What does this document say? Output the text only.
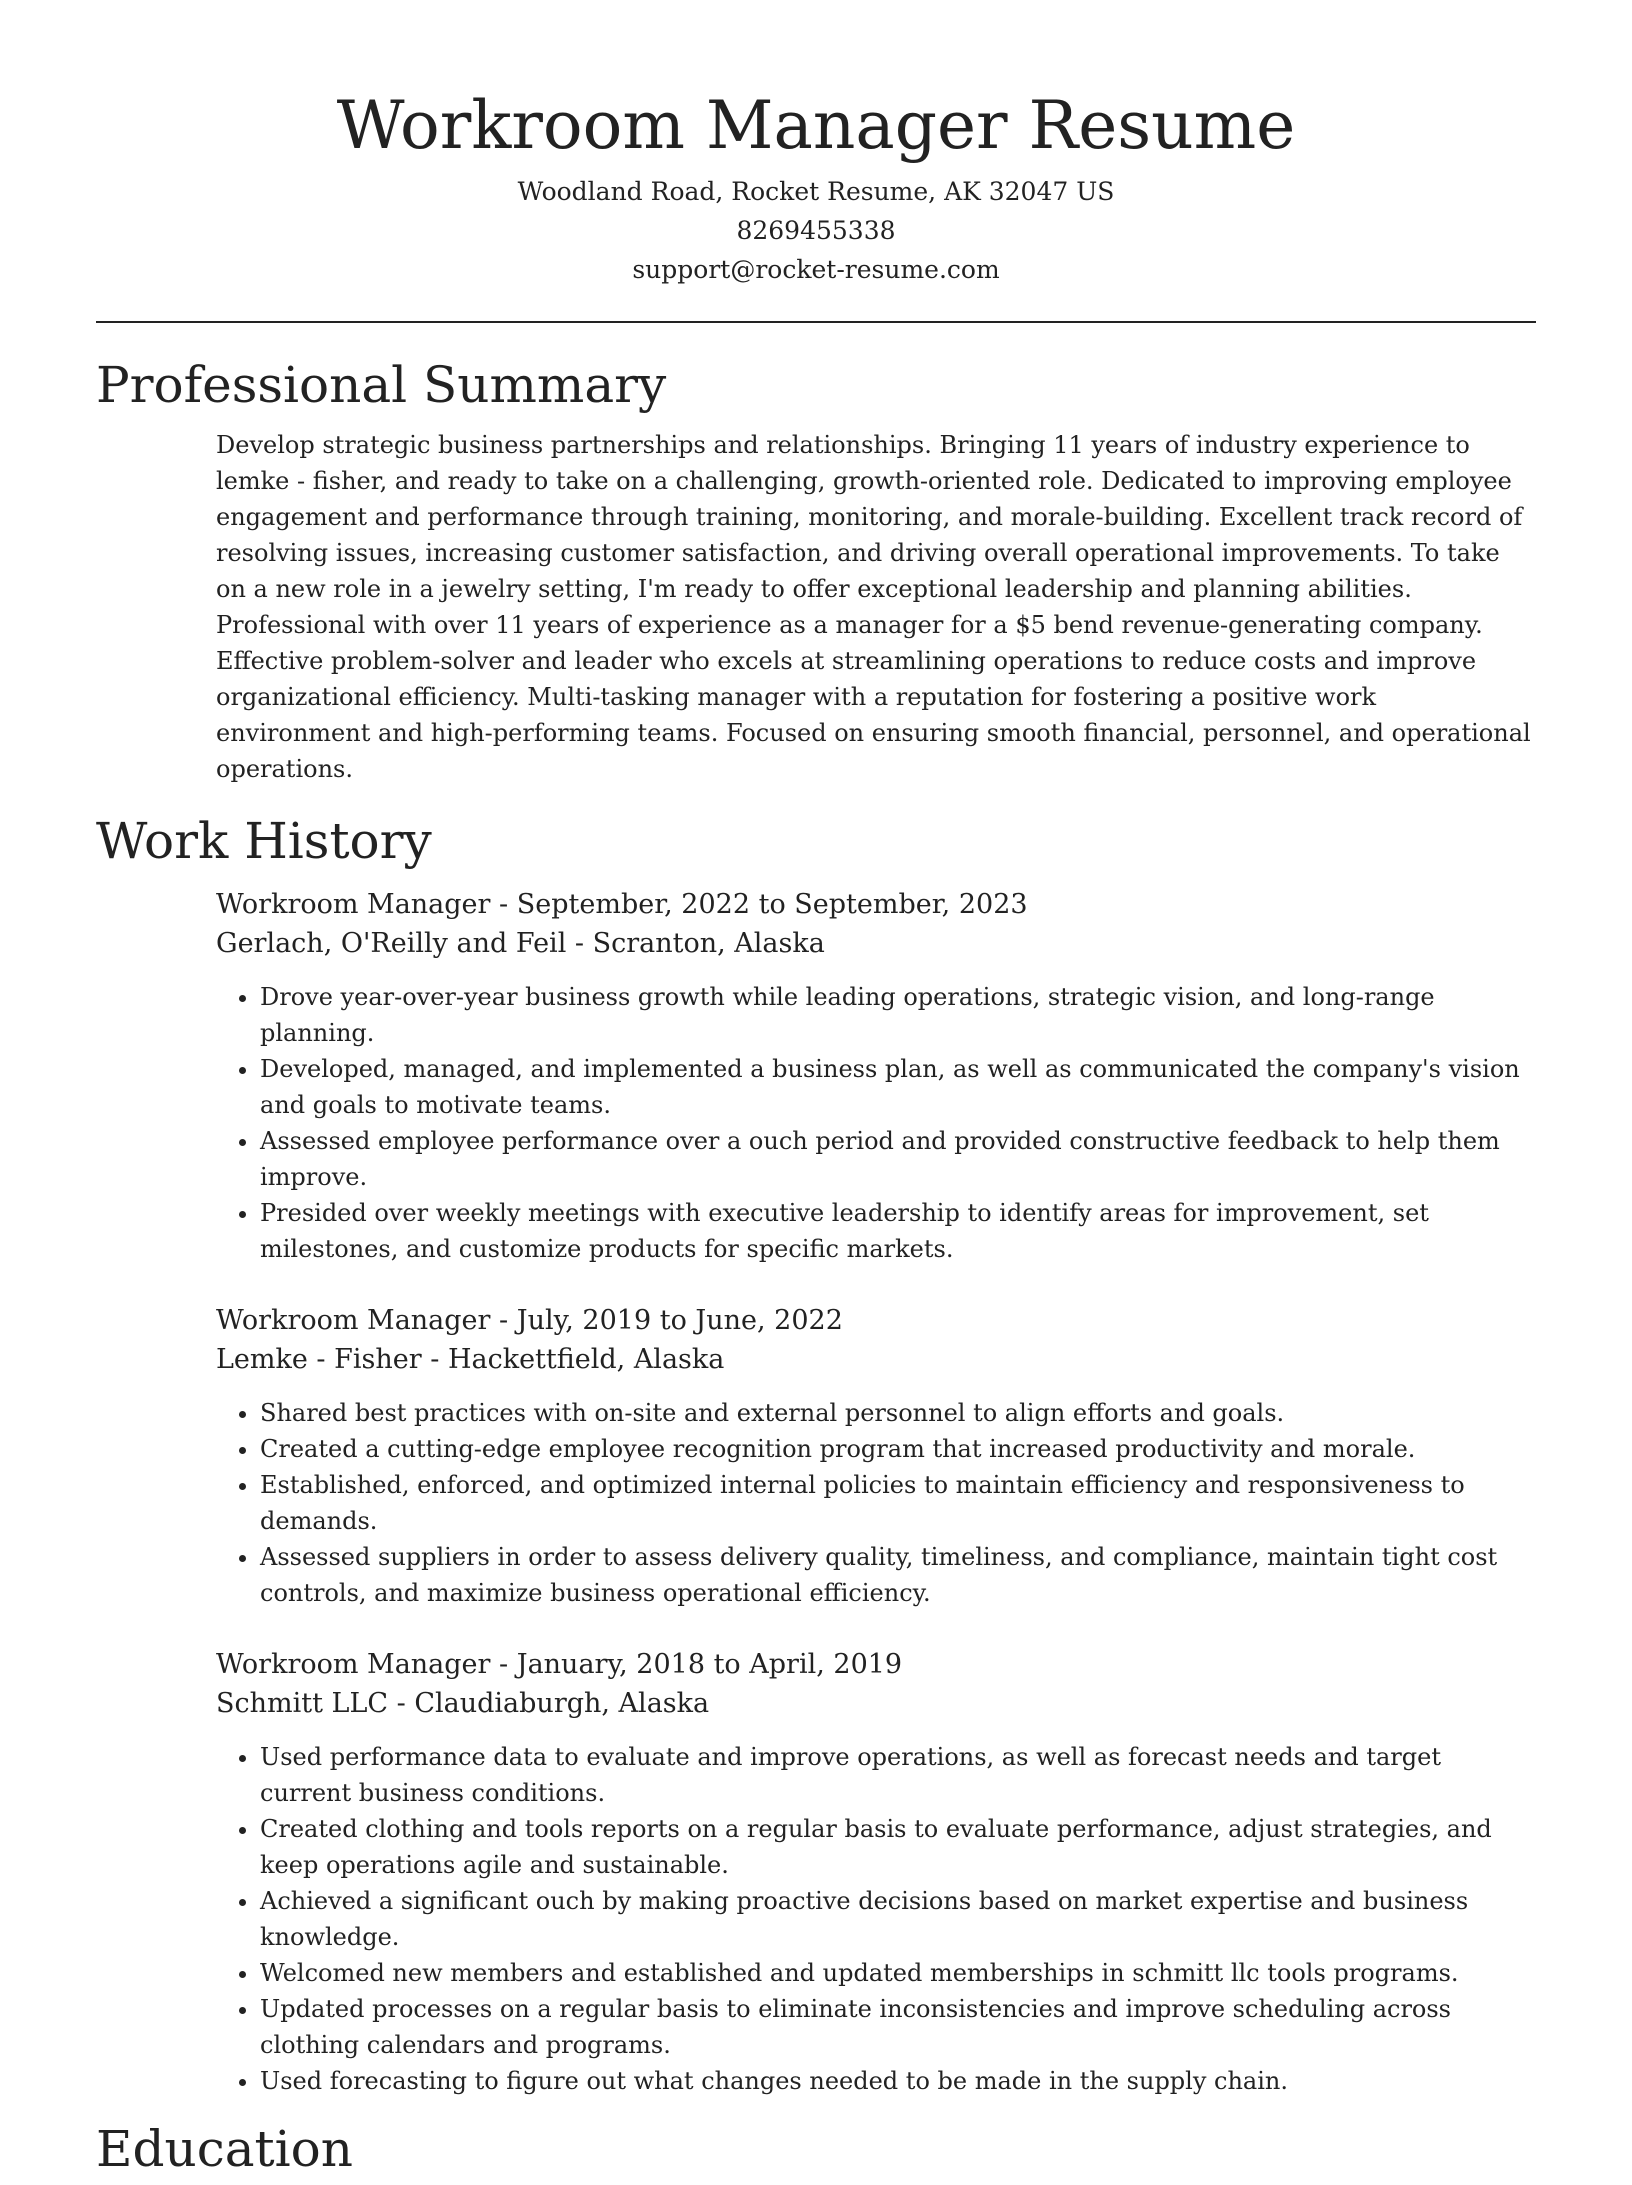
Workroom Manager Resume
Woodland Road, Rocket Resume, AK 32047 US
8269455338
support@rocket-resume.com
Professional Summary

Develop strategic business partnerships and relationships. Bringing 11 years of industry experience to lemke - fisher, and ready to take on a challenging, growth-oriented role. Dedicated to improving employee engagement and performance through training, monitoring, and morale-building. Excellent track record of resolving issues, increasing customer satisfaction, and driving overall operational improvements. To take on a new role in a jewelry setting, I'm ready to offer exceptional leadership and planning abilities. Professional with over 11 years of experience as a manager for a $5 bend revenue-generating company. Effective problem-solver and leader who excels at streamlining operations to reduce costs and improve organizational efficiency. Multi-tasking manager with a reputation for fostering a positive work environment and high-performing teams. Focused on ensuring smooth financial, personnel, and operational operations.

Work History
Workroom Manager - September, 2022 to September, 2023
Gerlach, O'Reilly and Feil - Scranton, Alaska
• Drove year-over-year business growth while leading operations, strategic vision, and long-range planning.
• Developed, managed, and implemented a business plan, as well as communicated the company's vision and goals to motivate teams.
• Assessed employee performance over a ouch period and provided constructive feedback to help them improve.
• Presided over weekly meetings with executive leadership to identify areas for improvement, set milestones, and customize products for specific markets.
Workroom Manager - July, 2019 to June, 2022
Lemke - Fisher - Hackettfield, Alaska
• Shared best practices with on-site and external personnel to align efforts and goals.
• Created a cutting-edge employee recognition program that increased productivity and morale.
• Established, enforced, and optimized internal policies to maintain efficiency and responsiveness to demands.
• Assessed suppliers in order to assess delivery quality, timeliness, and compliance, maintain tight cost controls, and maximize business operational efficiency.
Workroom Manager - January, 2018 to April, 2019
Schmitt LLC - Claudiaburgh, Alaska
• Used performance data to evaluate and improve operations, as well as forecast needs and target current business conditions.
• Created clothing and tools reports on a regular basis to evaluate performance, adjust strategies, and keep operations agile and sustainable.
• Achieved a significant ouch by making proactive decisions based on market expertise and business knowledge.
• Welcomed new members and established and updated memberships in schmitt llc tools programs.
• Updated processes on a regular basis to eliminate inconsistencies and improve scheduling across clothing calendars and programs.
• Used forecasting to figure out what changes needed to be made in the supply chain.
Education
